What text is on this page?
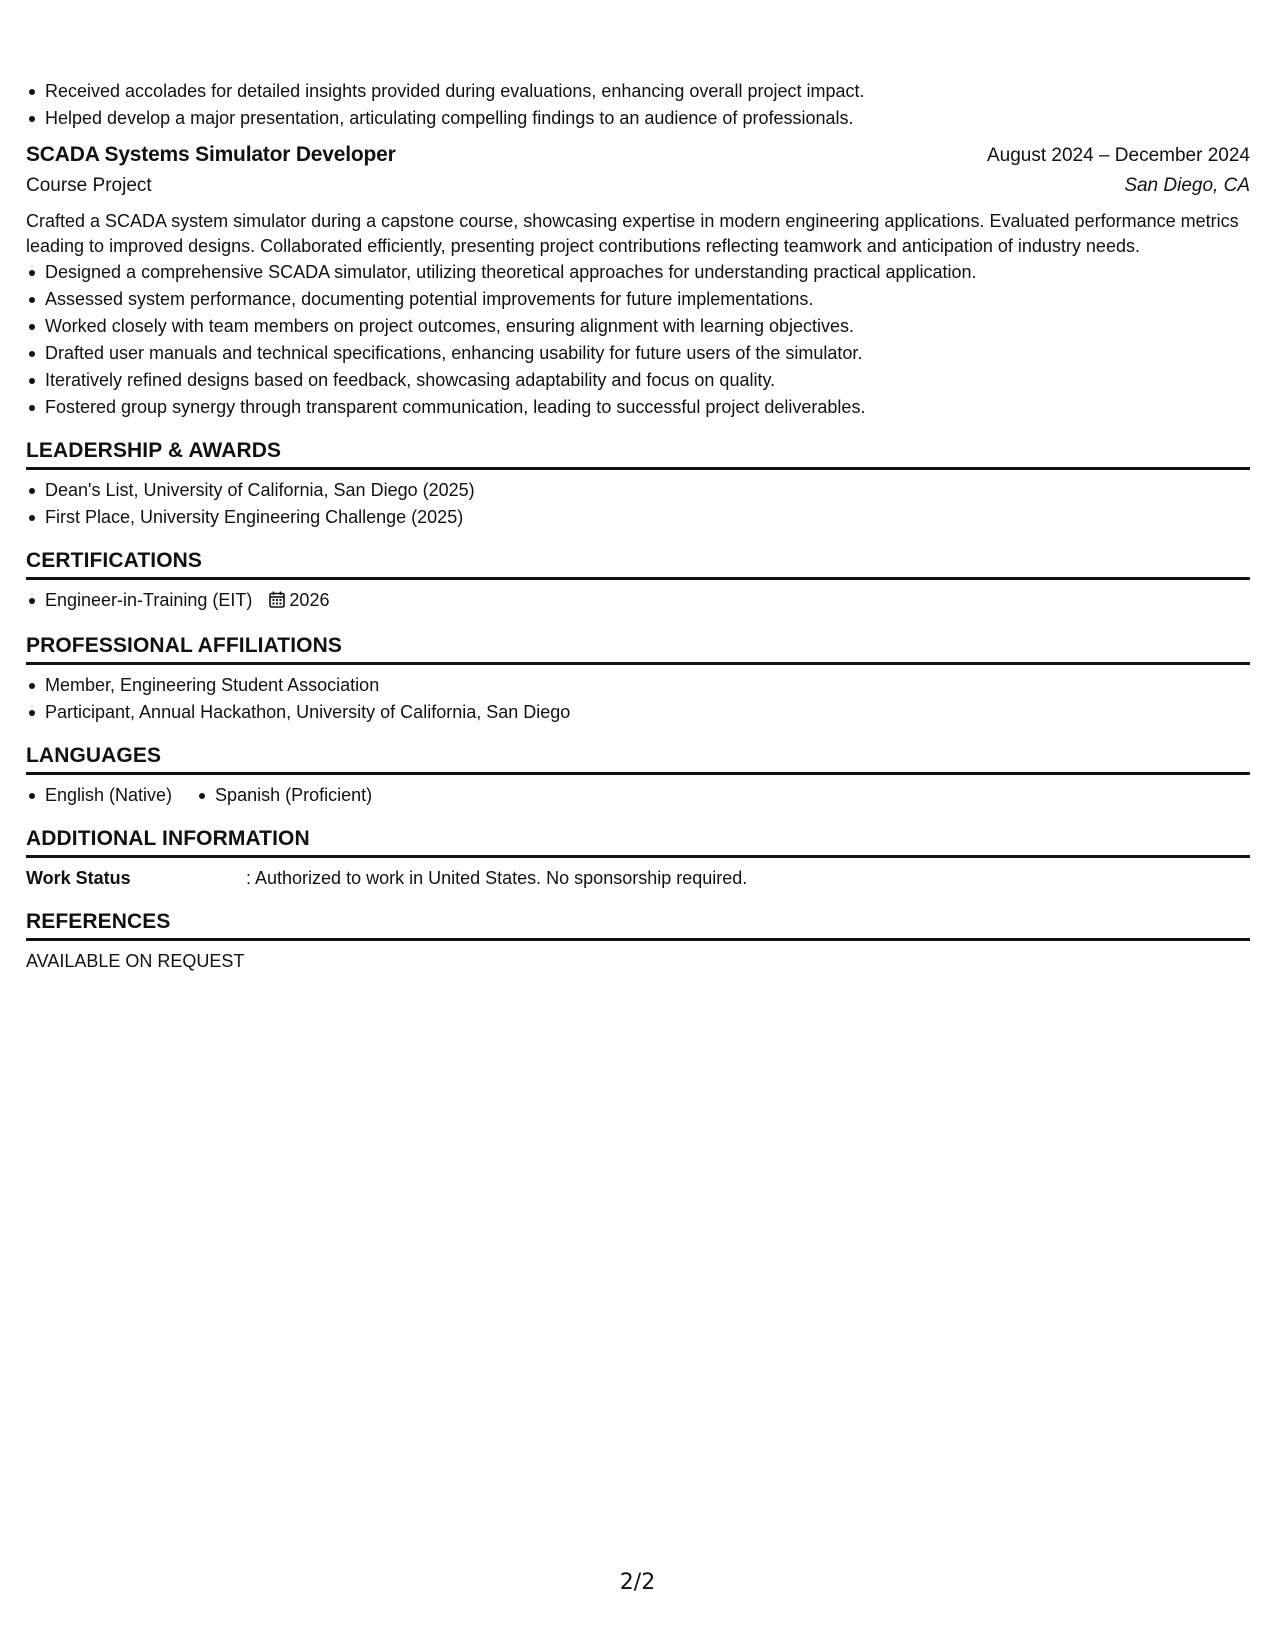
Received accolades for detailed insights provided during evaluations, enhancing overall project impact.
Helped develop a major presentation, articulating compelling findings to an audience of professionals.
SCADA Systems Simulator Developer	August 2024 – December 2024
Course Project	San Diego, CA

Crafted a SCADA system simulator during a capstone course, showcasing expertise in modern engineering applications. Evaluated performance metrics leading to improved designs. Collaborated efficiently, presenting project contributions reflecting teamwork and anticipation of industry needs.

Designed a comprehensive SCADA simulator, utilizing theoretical approaches for understanding practical application.
Assessed system performance, documenting potential improvements for future implementations.
Worked closely with team members on project outcomes, ensuring alignment with learning objectives.
Drafted user manuals and technical specifications, enhancing usability for future users of the simulator.
Iteratively refined designs based on feedback, showcasing adaptability and focus on quality.
Fostered group synergy through transparent communication, leading to successful project deliverables.
LEADERSHIP & AWARDS
Dean's List, University of California, San Diego (2025)
First Place, University Engineering Challenge (2025)
CERTIFICATIONS
Engineer-in-Training (EIT) 2026
PROFESSIONAL AFFILIATIONS
Member, Engineering Student Association
Participant, Annual Hackathon, University of California, San Diego
LANGUAGES
English (Native)	Spanish (Proficient)
ADDITIONAL INFORMATION
Work Status	: Authorized to work in United States. No sponsorship required.
REFERENCES
AVAILABLE ON REQUEST
2/2
